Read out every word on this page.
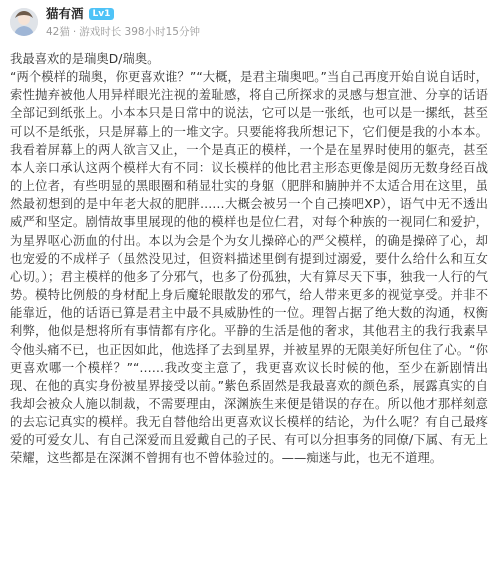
猫有酒	Lv1
42猫 · 游戏时长 398小时15分钟

我最喜欢的是瑞奥D/瑞奥。

“两个模样的瑞奥，你更喜欢谁？”“大概，是君主瑞奥吧。”当自己再度开始自说自话时，索性抛弃被他人用异样眼光注视的羞耻感，将自己所探求的灵感与想宣泄、分享的话语全部记到纸张上。小本本只是日常中的说法，它可以是一张纸，也可以是一摞纸，甚至可以不是纸张，只是屏幕上的一堆文字。只要能将我所想记下，它们便是我的小本本。我看着屏幕上的两人欲言又止，一个是真正的模样，一个是在星界时使用的躯壳，甚至本人亲口承认这两个模样大有不同：议长模样的他比君主形态更像是阅历无数身经百战的上位者，有些明显的黑眼圈和稍显壮实的身躯（肥胖和腩肿并不太适合用在这里，虽然最初想到的是中年老大叔的肥胖……大概会被另一个自己揍吧XP），语气中无不透出威严和坚定。剧情故事里展现的他的模样也是位仁君，对每个种族的一视同仁和爱护，为星界呕心沥血的付出。本以为会是个为女儿操碎心的严父模样，的确是操碎了心，却也宠爱的不成样子（虽然没见过，但资料描述里倒有提到过溺爱，要什么给什么和互女心切。）；君主模样的他多了分邪气，也多了份孤独，大有算尽天下事，独我一人行的气势。模特比例般的身材配上身后魔轮眼散发的邪气，给人带来更多的视觉享受。并非不能靠近，他的话语已算是君主中最不具威胁性的一位。理智占据了绝大数的沟通，权衡利弊，他似是想将所有事情都有序化。平静的生活是他的奢求，其他君主的我行我素早令他头痛不已，也正因如此，他选择了去到星界，并被星界的无限美好所包住了心。“你更喜欢哪一个模样？”“……我改变主意了，我更喜欢议长时候的他，至少在新剧情出现、在他的真实身份被星界接受以前。”紫色系固然是我最喜欢的颜色系，展露真实的自我却会被众人施以制裁，不需要理由，深渊族生来便是错误的存在。所以他才那样刻意的去忘记真实的模样。我无自替他给出更喜欢议长模样的结论，为什么呢？有自己最疼爱的可爱女儿、有自己深爱而且爱戴自己的子民、有可以分担事务的同僚/下属、有无上荣耀，这些都是在深渊不曾拥有也不曾体验过的。——痴迷与此，也无不道理。
